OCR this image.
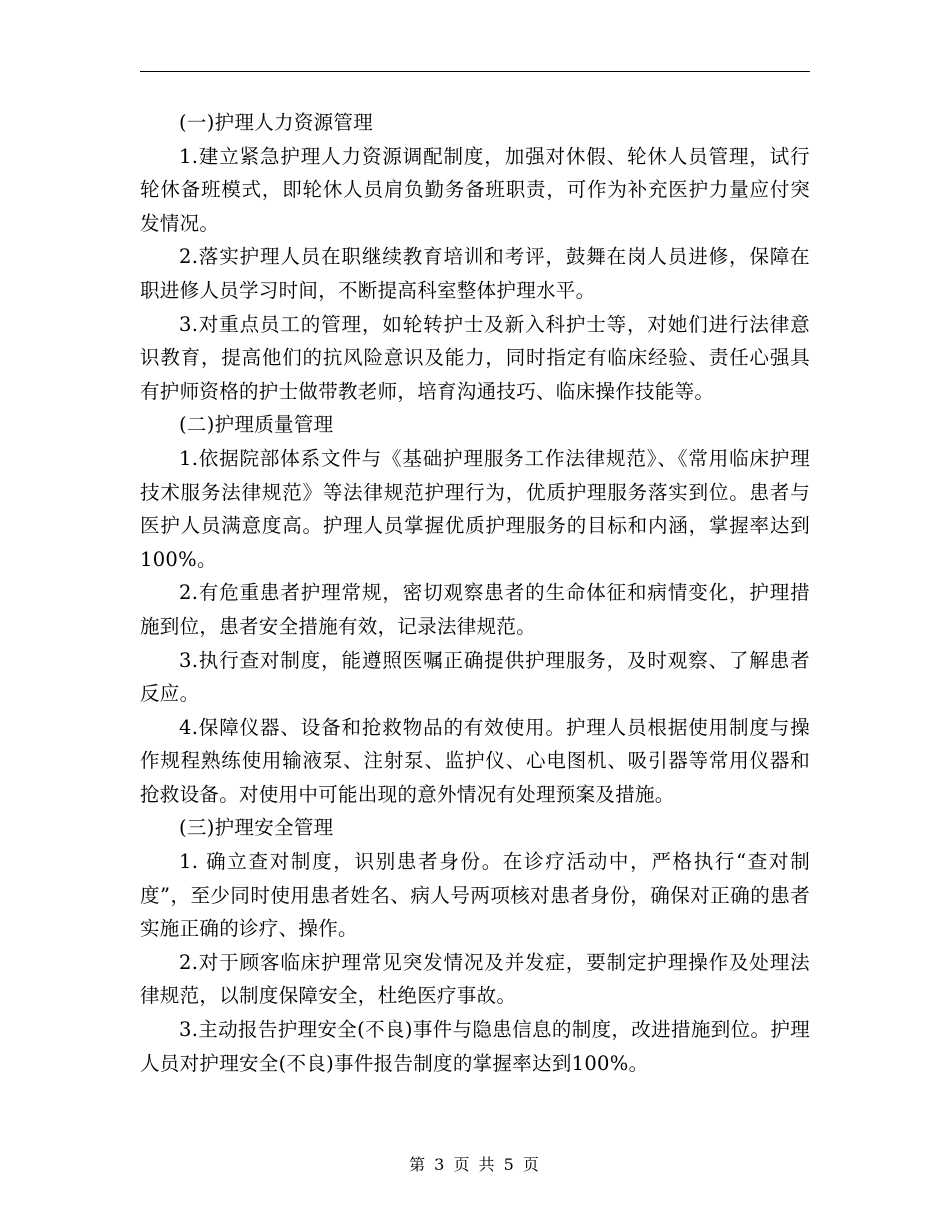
(一)护理人力资源管理

1.建立紧急护理人力资源调配制度，加强对休假、轮休人员管理，试行轮休备班模式，即轮休人员肩负勤务备班职责，可作为补充医护力量应付突发情况。

2.落实护理人员在职继续教育培训和考评，鼓舞在岗人员进修，保障在职进修人员学习时间，不断提高科室整体护理水平。

3.对重点员工的管理，如轮转护士及新入科护士等，对她们进行法律意识教育，提高他们的抗风险意识及能力，同时指定有临床经验、责任心强具有护师资格的护士做带教老师，培育沟通技巧、临床操作技能等。

(二)护理质量管理

1.依据院部体系文件与《基础护理服务工作法律规范》、《常用临床护理技术服务法律规范》等法律规范护理行为，优质护理服务落实到位。患者与医护人员满意度高。护理人员掌握优质护理服务的目标和内涵，掌握率达到100%。

2.有危重患者护理常规，密切观察患者的生命体征和病情变化，护理措施到位，患者安全措施有效，记录法律规范。

3.执行查对制度，能遵照医嘱正确提供护理服务，及时观察、了解患者反应。

4.保障仪器、设备和抢救物品的有效使用。护理人员根据使用制度与操作规程熟练使用输液泵、注射泵、监护仪、心电图机、吸引器等常用仪器和抢救设备。对使用中可能出现的意外情况有处理预案及措施。

(三)护理安全管理

1. 确立查对制度，识别患者身份。在诊疗活动中，严格执行“查对制度”，至少同时使用患者姓名、病人号两项核对患者身份，确保对正确的患者实施正确的诊疗、操作。

2.对于顾客临床护理常见突发情况及并发症，要制定护理操作及处理法律规范，以制度保障安全，杜绝医疗事故。

3.主动报告护理安全(不良)事件与隐患信息的制度，改进措施到位。护理人员对护理安全(不良)事件报告制度的掌握率达到100%。

第 3 页 共 5 页
